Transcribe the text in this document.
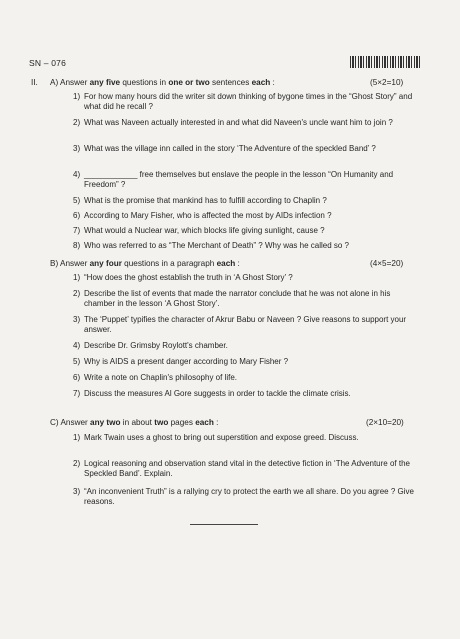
SN – 076
II. A) Answer any five questions in one or two sentences each :	(5×2=10)
1) For how many hours did the writer sit down thinking of bygone times in the “Ghost Story” and what did he recall ?
2) What was Naveen actually interested in and what did Naveen's uncle want him to join ?
3) What was the village inn called in the story ‘The Adventure of the speckled Band’ ?
4) ____________ free themselves but enslave the people in the lesson “On Humanity and Freedom” ?
5) What is the promise that mankind has to fulfill according to Chaplin ?
6) According to Mary Fisher, who is affected the most by AIDs infection ?
7) What would a Nuclear war, which blocks life giving sunlight, cause ?
8) Who was referred to as “The Merchant of Death” ? Why was he called so ?
B) Answer any four questions in a paragraph each :	(4×5=20)
1) “How does the ghost establish the truth in ‘A Ghost Story’ ?
2) Describe the list of events that made the narrator conclude that he was not alone in his chamber in the lesson ‘A Ghost Story’.
3) The ‘Puppet’ typifies the character of Akrur Babu or Naveen ? Give reasons to support your answer.
4) Describe Dr. Grimsby Roylott's chamber.
5) Why is AIDS a present danger according to Mary Fisher ?
6) Write a note on Chaplin's philosophy of life.
7) Discuss the measures Al Gore suggests in order to tackle the climate crisis.
C) Answer any two in about two pages each :	(2×10=20)
1) Mark Twain uses a ghost to bring out superstition and expose greed. Discuss.
2) Logical reasoning and observation stand vital in the detective fiction in ‘The Adventure of the Speckled Band’. Explain.
3) “An inconvenient Truth” is a rallying cry to protect the earth we all share. Do you agree ? Give reasons.
